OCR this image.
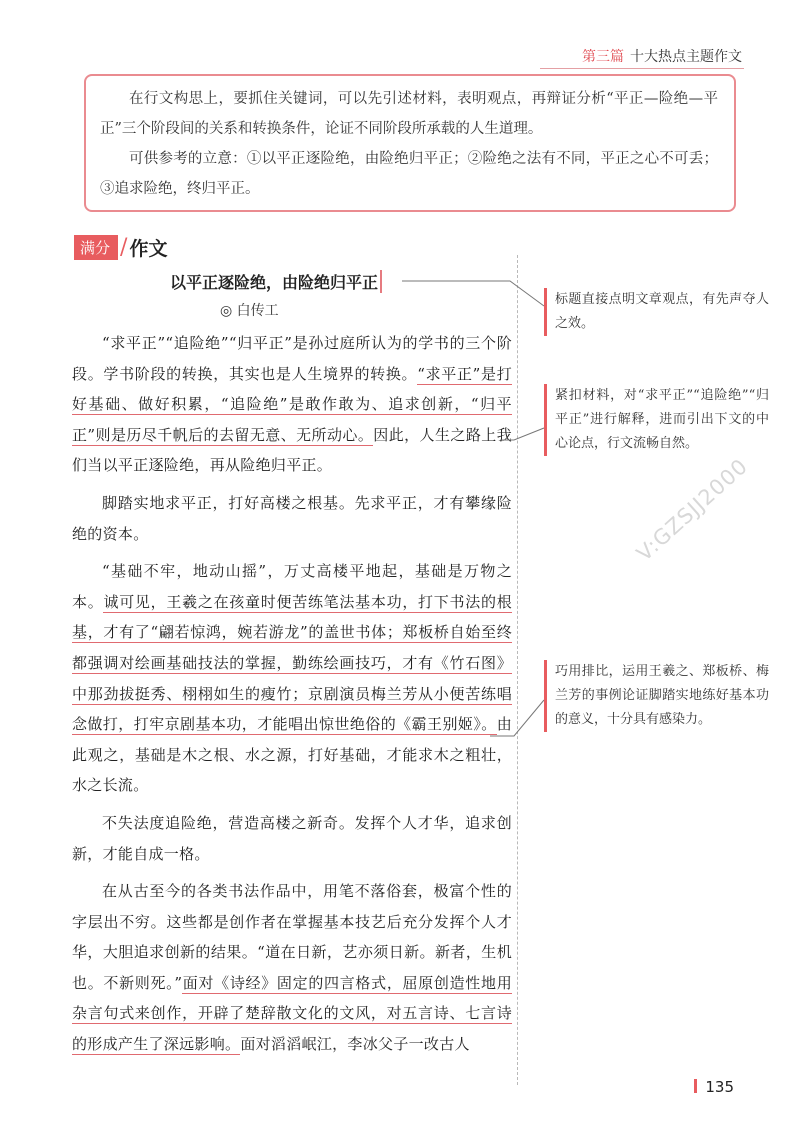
第三篇 十大热点主题作文

在行文构思上，要抓住关键词，可以先引述材料，表明观点，再辩证分析“平正—险绝—平正”三个阶段间的关系和转换条件，论证不同阶段所承载的人生道理。

可供参考的立意：①以平正逐险绝，由险绝归平正；②险绝之法有不同，平正之心不可丢；③追求险绝，终归平正。

满分 / 作文
以平正逐险绝，由险绝归平正
◎ 白传工

“求平正”“追险绝”“归平正”是孙过庭所认为的学书的三个阶段。学书阶段的转换，其实也是人生境界的转换。“求平正”是打好基础、做好积累，“追险绝”是敢作敢为、追求创新，“归平正”则是历尽千帆后的去留无意、无所动心。因此，人生之路上我们当以平正逐险绝，再从险绝归平正。

脚踏实地求平正，打好高楼之根基。先求平正，才有攀缘险绝的资本。

“基础不牢，地动山摇”，万丈高楼平地起，基础是万物之本。诚可见，王羲之在孩童时便苦练笔法基本功，打下书法的根基，才有了“翩若惊鸿，婉若游龙”的盖世书体；郑板桥自始至终都强调对绘画基础技法的掌握，勤练绘画技巧，才有《竹石图》中那劲拔挺秀、栩栩如生的瘦竹；京剧演员梅兰芳从小便苦练唱念做打，打牢京剧基本功，才能唱出惊世绝俗的《霸王别姬》。由此观之，基础是木之根、水之源，打好基础，才能求木之粗壮，水之长流。

不失法度追险绝，营造高楼之新奇。发挥个人才华，追求创新，才能自成一格。

在从古至今的各类书法作品中，用笔不落俗套，极富个性的字层出不穷。这些都是创作者在掌握基本技艺后充分发挥个人才华，大胆追求创新的结果。“道在日新，艺亦须日新。新者，生机也。不新则死。”面对《诗经》固定的四言格式，屈原创造性地用杂言句式来创作，开辟了楚辞散文化的文风，对五言诗、七言诗的形成产生了深远影响。面对滔滔岷江，李冰父子一改古人

标题直接点明文章观点，有先声夺人之效。
紧扣材料，对“求平正”“追险绝”“归平正”进行解释，进而引出下文的中心论点，行文流畅自然。
巧用排比，运用王羲之、郑板桥、梅兰芳的事例论证脚踏实地练好基本功的意义，十分具有感染力。
V:GZSJJ2000
135
